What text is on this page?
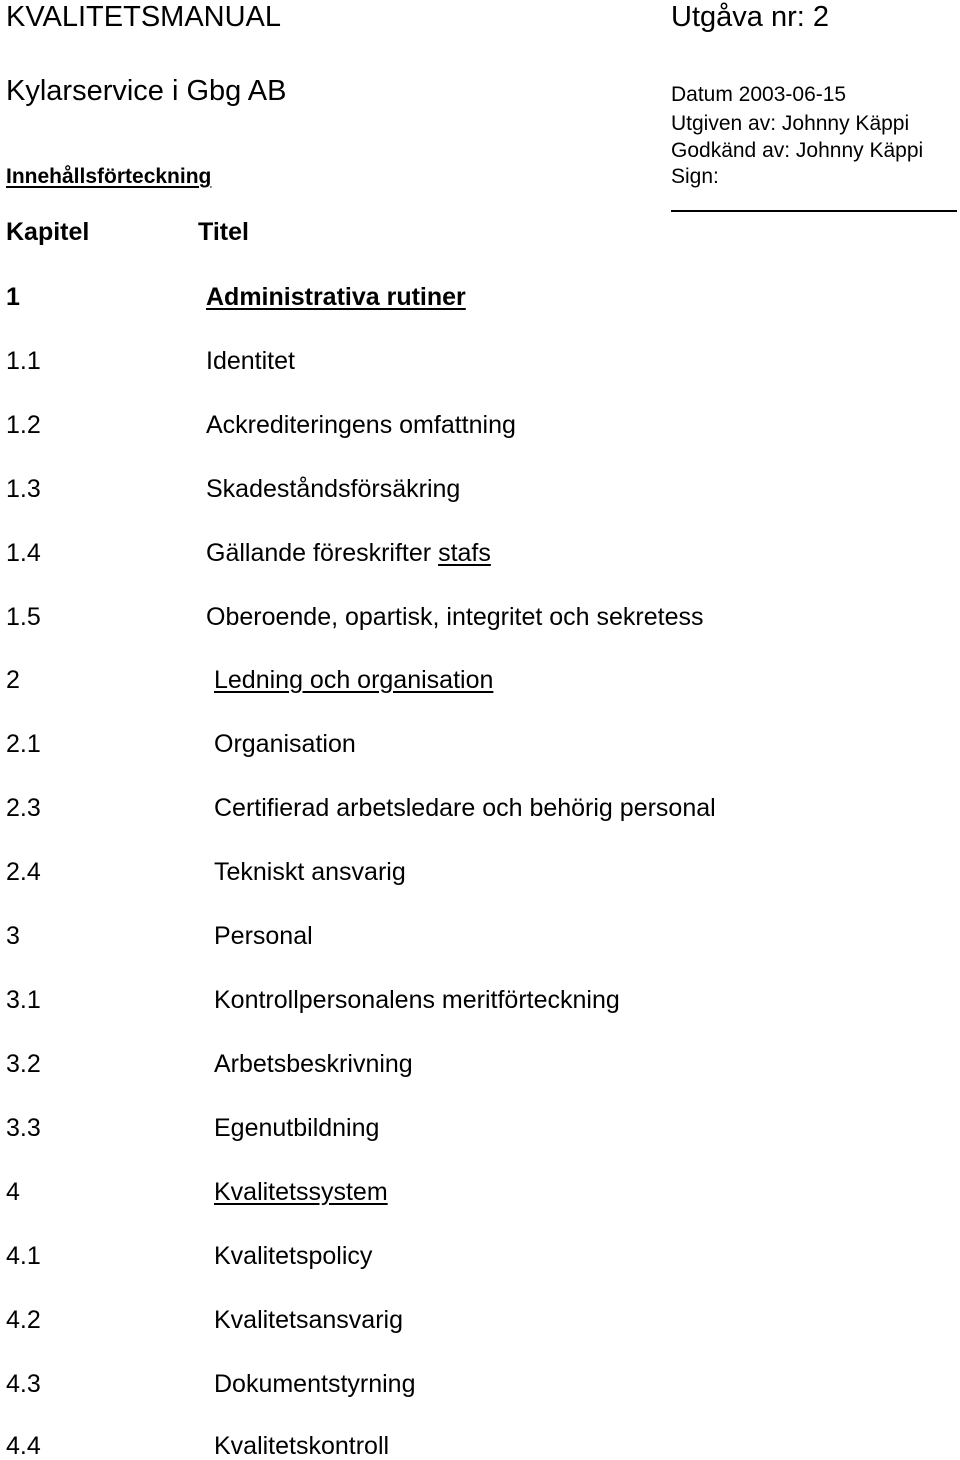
KVALITETSMANUAL	Utgåva nr: 2
Kylarservice i Gbg AB	Datum 2003-06-15
Utgiven av: Johnny Käppi
Godkänd av: Johnny Käppi
Sign:
Innehållsförteckning
Kapitel	Titel
1	Administrativa rutiner
1.1	Identitet
1.2	Ackrediteringens omfattning
1.3	Skadeståndsförsäkring
1.4	Gällande föreskrifter stafs
1.5	Oberoende, opartisk, integritet och sekretess
2	Ledning och organisation
2.1	Organisation
2.3	Certifierad arbetsledare och behörig personal
2.4	Tekniskt ansvarig
3	Personal
3.1	Kontrollpersonalens meritförteckning
3.2	Arbetsbeskrivning
3.3	Egenutbildning
4	Kvalitetssystem
4.1	Kvalitetspolicy
4.2	Kvalitetsansvarig
4.3	Dokumentstyrning
4.4	Kvalitetskontroll
